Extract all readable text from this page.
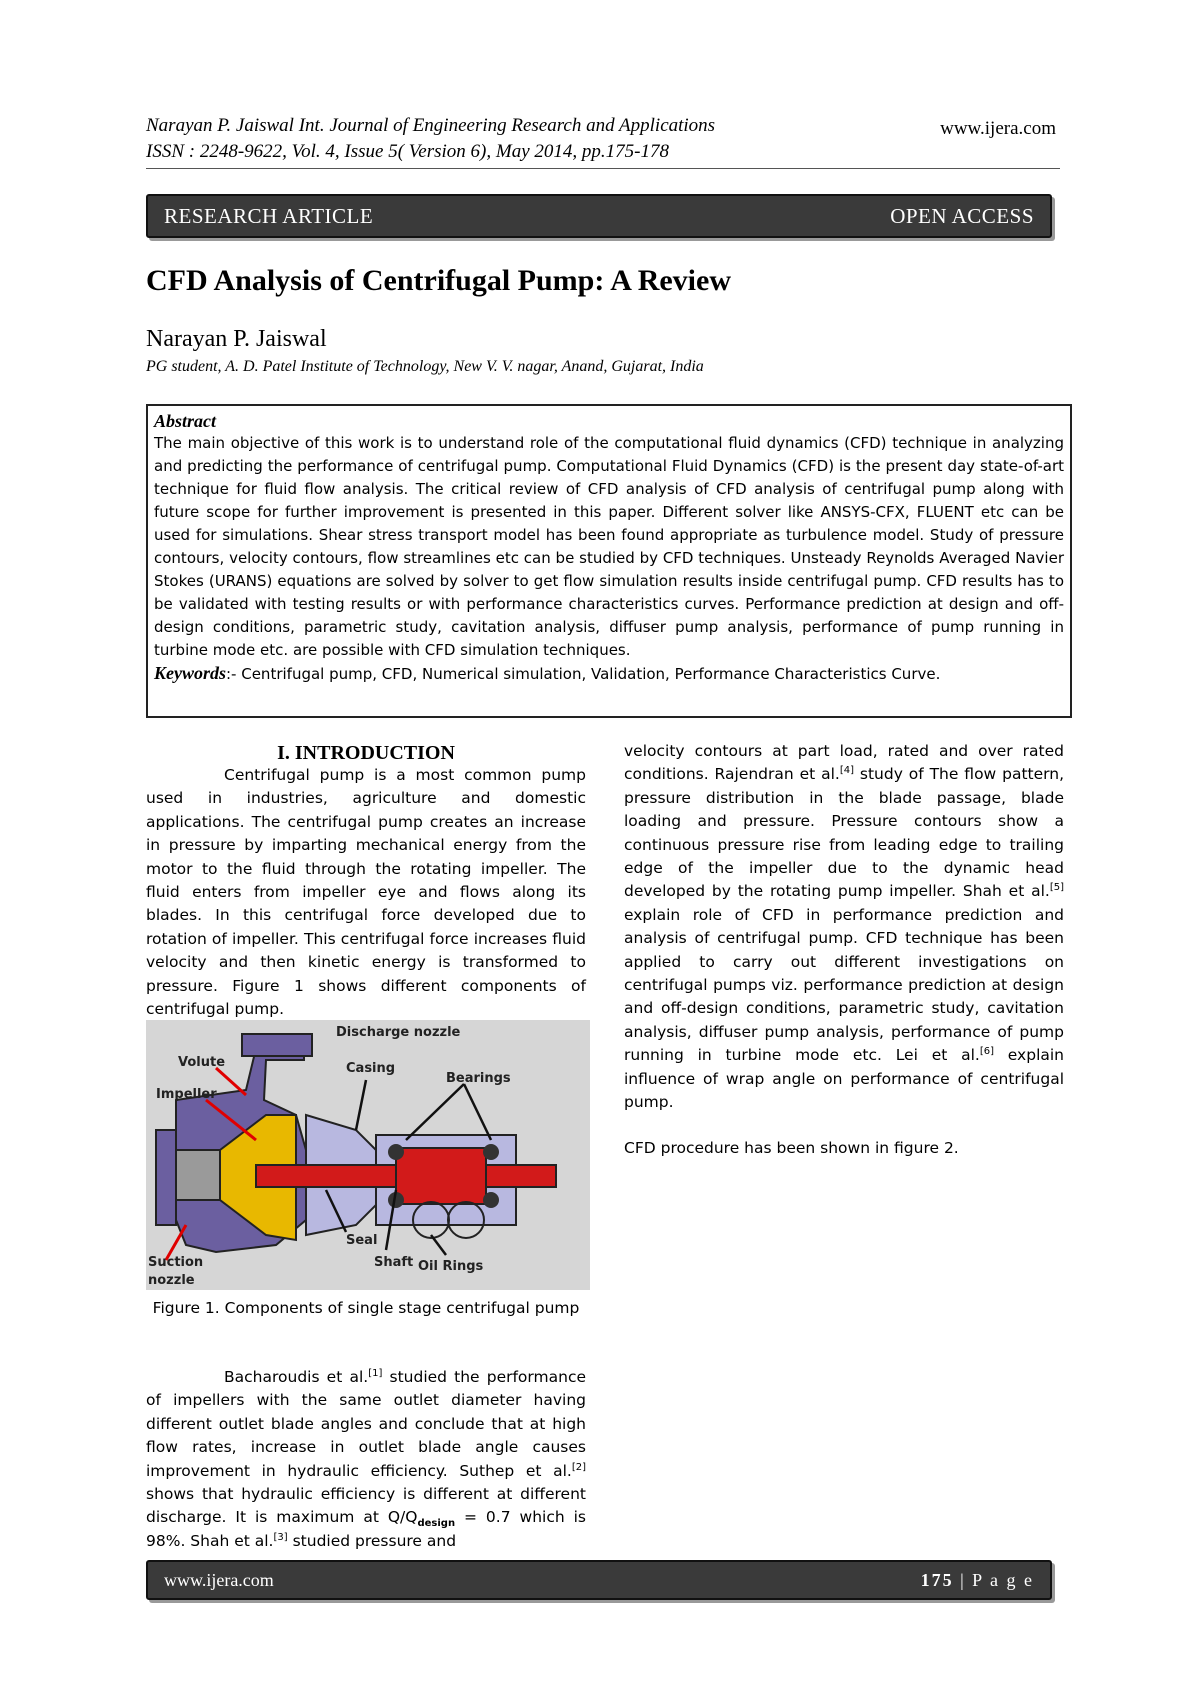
Narayan P. Jaiswal Int. Journal of Engineering Research and Applications
ISSN : 2248-9622, Vol. 4, Issue 5( Version 6), May 2014, pp.175-178
www.ijera.com
RESEARCH ARTICLE	OPEN ACCESS
CFD Analysis of Centrifugal Pump: A Review
Narayan P. Jaiswal
PG student, A. D. Patel Institute of Technology, New V. V. nagar, Anand, Gujarat, India
Abstract
The main objective of this work is to understand role of the computational fluid dynamics (CFD) technique in analyzing and predicting the performance of centrifugal pump. Computational Fluid Dynamics (CFD) is the present day state-of-art technique for fluid flow analysis. The critical review of CFD analysis of CFD analysis of centrifugal pump along with future scope for further improvement is presented in this paper. Different solver like ANSYS-CFX, FLUENT etc can be used for simulations. Shear stress transport model has been found appropriate as turbulence model. Study of pressure contours, velocity contours, flow streamlines etc can be studied by CFD techniques. Unsteady Reynolds Averaged Navier Stokes (URANS) equations are solved by solver to get flow simulation results inside centrifugal pump. CFD results has to be validated with testing results or with performance characteristics curves. Performance prediction at design and off-design conditions, parametric study, cavitation analysis, diffuser pump analysis, performance of pump running in turbine mode etc. are possible with CFD simulation techniques.
Keywords:- Centrifugal pump, CFD, Numerical simulation, Validation, Performance Characteristics Curve.

I. INTRODUCTION

Centrifugal pump is a most common pump used in industries, agriculture and domestic applications. The centrifugal pump creates an increase in pressure by imparting mechanical energy from the motor to the fluid through the rotating impeller. The fluid enters from impeller eye and flows along its blades. In this centrifugal force developed due to rotation of impeller. This centrifugal force increases fluid velocity and then kinetic energy is transformed to pressure. Figure 1 shows different components of centrifugal pump.

Discharge nozzle
Volute	Casing
Impeller
Bearings
Seal
Suction
nozzle
Shaft Oil Rings
Figure 1. Components of single stage centrifugal pump

Bacharoudis et al.[1] studied the performance of impellers with the same outlet diameter having different outlet blade angles and conclude that at high flow rates, increase in outlet blade angle causes improvement in hydraulic efficiency. Suthep et al.[2] shows that hydraulic efficiency is different at different discharge. It is maximum at $Q/Q_{design} = 0.7$ which is 98%. Shah et al.[3] studied pressure and

velocity contours at part load, rated and over rated conditions. Rajendran et al.[4] study of The flow pattern, pressure distribution in the blade passage, blade loading and pressure. Pressure contours show a continuous pressure rise from leading edge to trailing edge of the impeller due to the dynamic head developed by the rotating pump impeller. Shah et al.[5] explain role of CFD in performance prediction and analysis of centrifugal pump. CFD technique has been applied to carry out different investigations on centrifugal pumps viz. performance prediction at design and off-design conditions, parametric study, cavitation analysis, diffuser pump analysis, performance of pump running in turbine mode etc. Lei et al.[6] explain influence of wrap angle on performance of centrifugal pump.

CFD procedure has been shown in figure 2.

www.ijera.com	175 | P a g e
